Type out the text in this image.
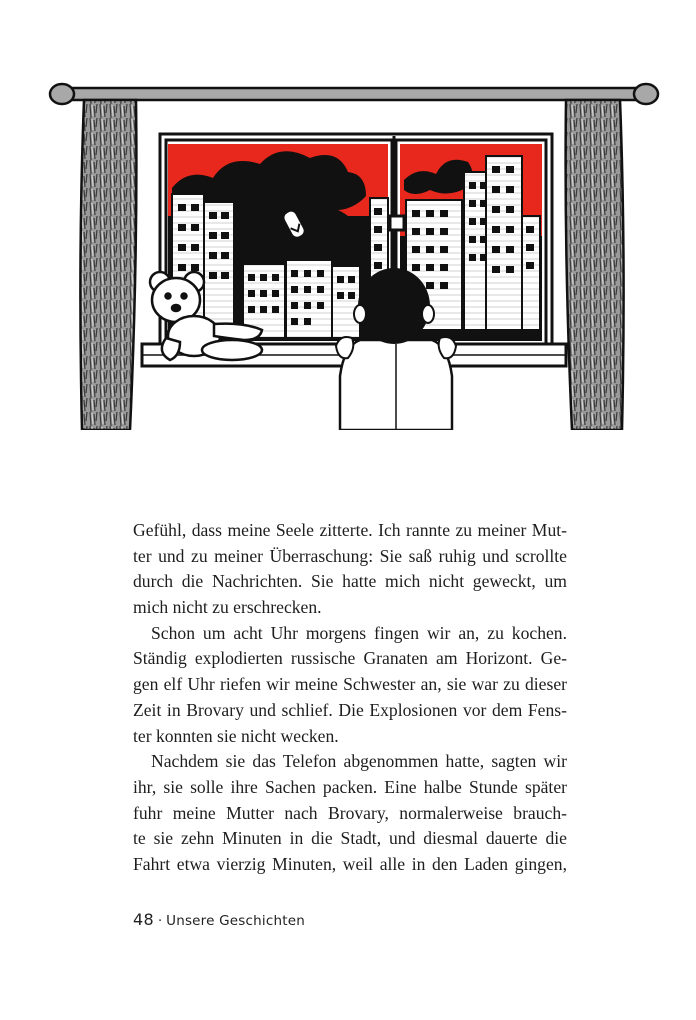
Gefühl, dass meine Seele zitterte. Ich rannte zu meiner Mut-
ter und zu meiner Überraschung: Sie saß ruhig und scrollte
durch die Nachrichten. Sie hatte mich nicht geweckt, um
mich nicht zu erschrecken.

Schon um acht Uhr morgens fingen wir an, zu kochen.
Ständig explodierten russische Granaten am Horizont. Ge-
gen elf Uhr riefen wir meine Schwester an, sie war zu dieser
Zeit in Brovary und schlief. Die Explosionen vor dem Fens-
ter konnten sie nicht wecken.

Nachdem sie das Telefon abgenommen hatte, sagten wir
ihr, sie solle ihre Sachen packen. Eine halbe Stunde später
fuhr meine Mutter nach Brovary, normalerweise brauch-
te sie zehn Minuten in die Stadt, und diesmal dauerte die
Fahrt etwa vierzig Minuten, weil alle in den Laden gingen,

48 · Unsere Geschichten
